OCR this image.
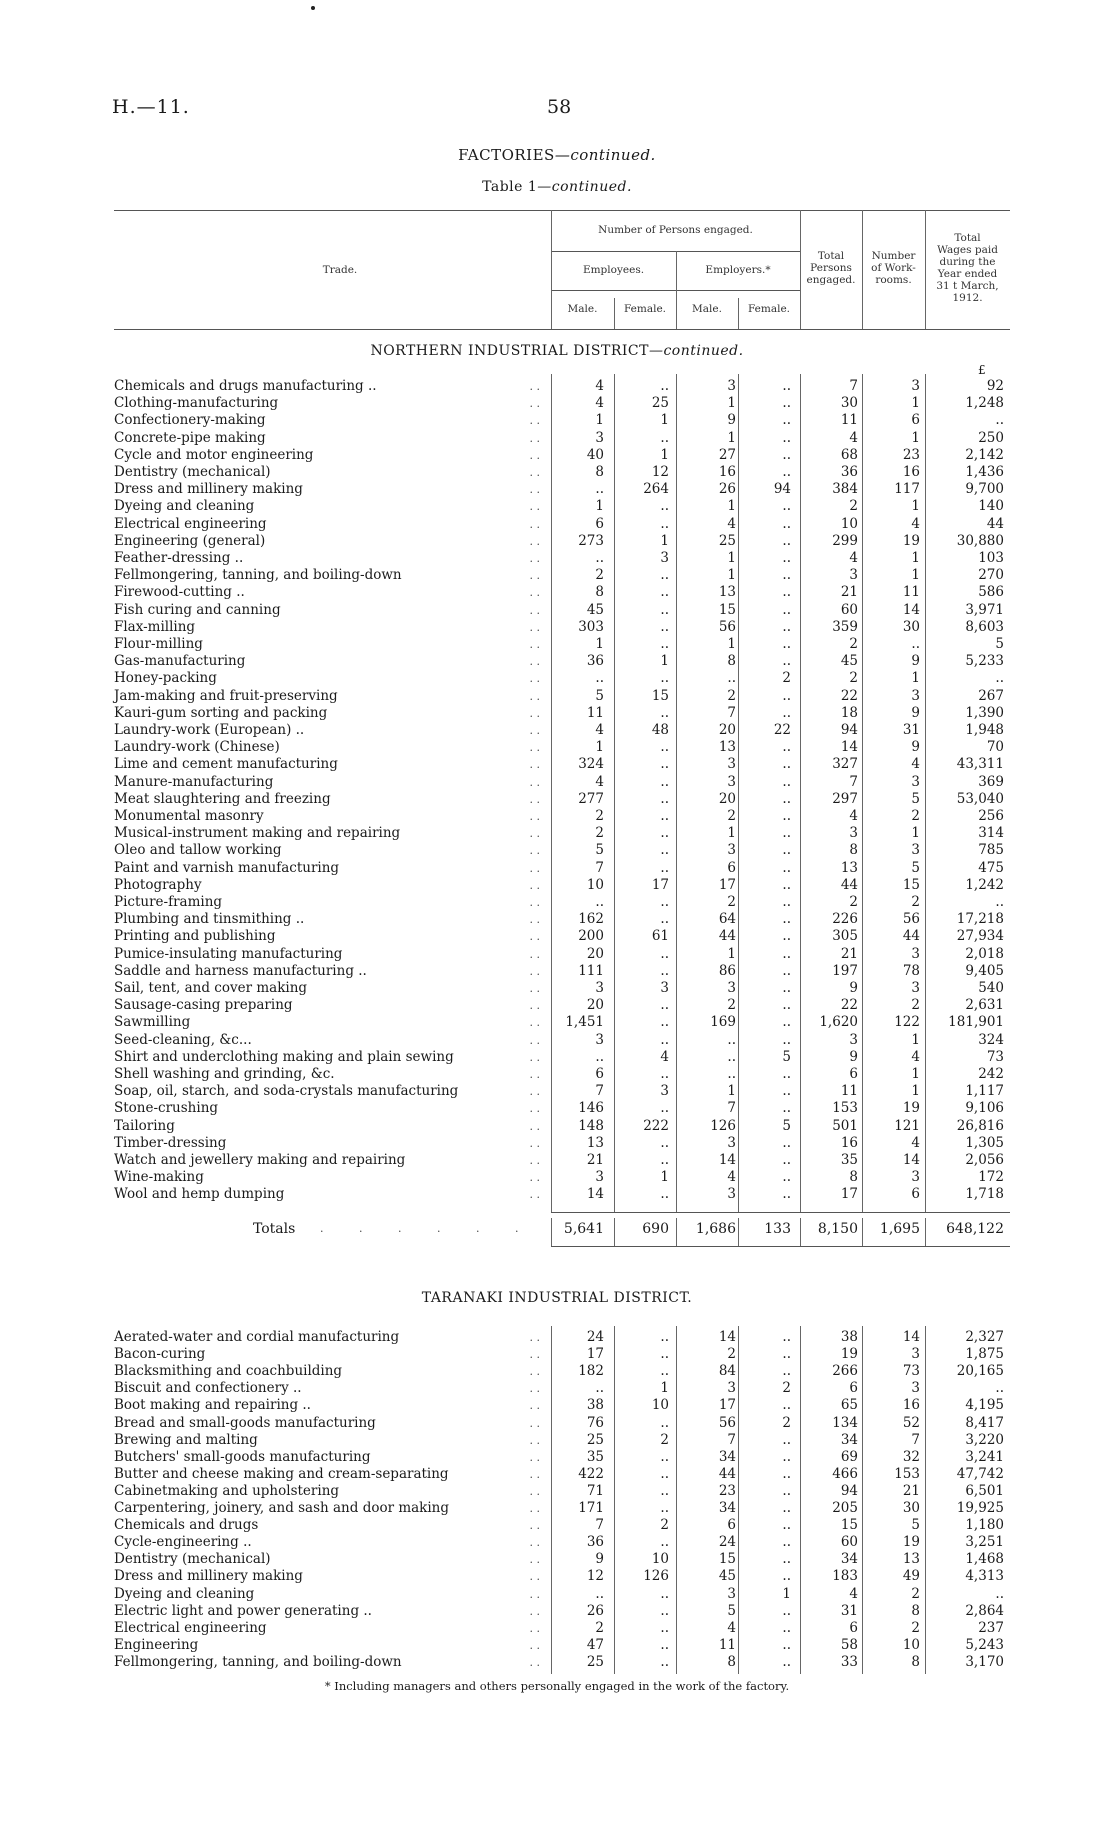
H.—11.	58
FACTORIES—continued.
Table 1—continued.
Trade.
Number of Persons engaged.
Employees.	Employers.*
Male.	Female.	Male.	Female.
Total
Persons
engaged.
Number
of Work-
rooms.
Total
Wages paid
during the
Year ended
31 t March,
1912.
NORTHERN INDUSTRIAL DISTRICT—continued.
£
Chemicals and drugs manufacturing ..	. .	4	..	3	..	7	3	92
Clothing-manufacturing	. .	4	25	1	..	30	1	1,248
Confectionery-making	. .	1	1	9	..	11	6	..
Concrete-pipe making	. .	3	..	1	..	4	1	250
Cycle and motor engineering	. .	40	1	27	..	68	23	2,142
Dentistry (mechanical)	. .	8	12	16	..	36	16	1,436
Dress and millinery making	. .	..	264	26	94	384	117	9,700
Dyeing and cleaning	. .	1	..	1	..	2	1	140
Electrical engineering	. .	6	..	4	..	10	4	44
Engineering (general)	. .	273	1	25	..	299	19	30,880
Feather-dressing ..	. .	..	3	1	..	4	1	103
Fellmongering, tanning, and boiling-down	. .	2	..	1	..	3	1	270
Firewood-cutting ..	. .	8	..	13	..	21	11	586
Fish curing and canning	. .	45	..	15	..	60	14	3,971
Flax-milling	. .	303	..	56	..	359	30	8,603
Flour-milling	. .	1	..	1	..	2	..	5
Gas-manufacturing	. .	36	1	8	..	45	9	5,233
Honey-packing	. .	..	..	..	2	2	1	..
Jam-making and fruit-preserving	. .	5	15	2	..	22	3	267
Kauri-gum sorting and packing	. .	11	..	7	..	18	9	1,390
Laundry-work (European) ..	. .	4	48	20	22	94	31	1,948
Laundry-work (Chinese)	. .	1	..	13	..	14	9	70
Lime and cement manufacturing	. .	324	..	3	..	327	4	43,311
Manure-manufacturing	. .	4	..	3	..	7	3	369
Meat slaughtering and freezing	. .	277	..	20	..	297	5	53,040
Monumental masonry	. .	2	..	2	..	4	2	256
Musical-instrument making and repairing	. .	2	..	1	..	3	1	314
Oleo and tallow working	. .	5	..	3	..	8	3	785
Paint and varnish manufacturing	. .	7	..	6	..	13	5	475
Photography	. .	10	17	17	..	44	15	1,242
Picture-framing	. .	..	..	2	..	2	2	..
Plumbing and tinsmithing ..	. .	162	..	64	..	226	56	17,218
Printing and publishing	. .	200	61	44	..	305	44	27,934
Pumice-insulating manufacturing	. .	20	..	1	..	21	3	2,018
Saddle and harness manufacturing ..	. .	111	..	86	..	197	78	9,405
Sail, tent, and cover making	. .	3	3	3	..	9	3	540
Sausage-casing preparing	. .	20	..	2	..	22	2	2,631
Sawmilling	. .	1,451	..	169	..	1,620	122	181,901
Seed-cleaning, &c...	. .	3	..	..	..	3	1	324
Shirt and underclothing making and plain sewing	. .	..	4	..	5	9	4	73
Shell washing and grinding, &c.	. .	6	..	..	..	6	1	242
Soap, oil, starch, and soda-crystals manufacturing	. .	7	3	1	..	11	1	1,117
Stone-crushing	. .	146	..	7	..	153	19	9,106
Tailoring	. .	148	222	126	5	501	121	26,816
Timber-dressing	. .	13	..	3	..	16	4	1,305
Watch and jewellery making and repairing	. .	21	..	14	..	35	14	2,056
Wine-making	. .	3	1	4	..	8	3	172
Wool and hemp dumping	. .	14	..	3	..	17	6	1,718
Totals . . . . . .	5,641	690	1,686	133	8,150	1,695	648,122
TARANAKI INDUSTRIAL DISTRICT.
Aerated-water and cordial manufacturing	. .	24	..	14	..	38	14	2,327
Bacon-curing	. .	17	..	2	..	19	3	1,875
Blacksmithing and coachbuilding	. .	182	..	84	..	266	73	20,165
Biscuit and confectionery ..	. .	..	1	3	2	6	3	..
Boot making and repairing ..	. .	38	10	17	..	65	16	4,195
Bread and small-goods manufacturing	. .	76	..	56	2	134	52	8,417
Brewing and malting	. .	25	2	7	..	34	7	3,220
Butchers' small-goods manufacturing	. .	35	..	34	..	69	32	3,241
Butter and cheese making and cream-separating	. .	422	..	44	..	466	153	47,742
Cabinetmaking and upholstering	. .	71	..	23	..	94	21	6,501
Carpentering, joinery, and sash and door making	. .	171	..	34	..	205	30	19,925
Chemicals and drugs	. .	7	2	6	..	15	5	1,180
Cycle-engineering ..	. .	36	..	24	..	60	19	3,251
Dentistry (mechanical)	. .	9	10	15	..	34	13	1,468
Dress and millinery making	. .	12	126	45	..	183	49	4,313
Dyeing and cleaning	. .	..	..	3	1	4	2	..
Electric light and power generating ..	. .	26	..	5	..	31	8	2,864
Electrical engineering	. .	2	..	4	..	6	2	237
Engineering	. .	47	..	11	..	58	10	5,243
Fellmongering, tanning, and boiling-down	. .	25	..	8	..	33	8	3,170
* Including managers and others personally engaged in the work of the factory.
